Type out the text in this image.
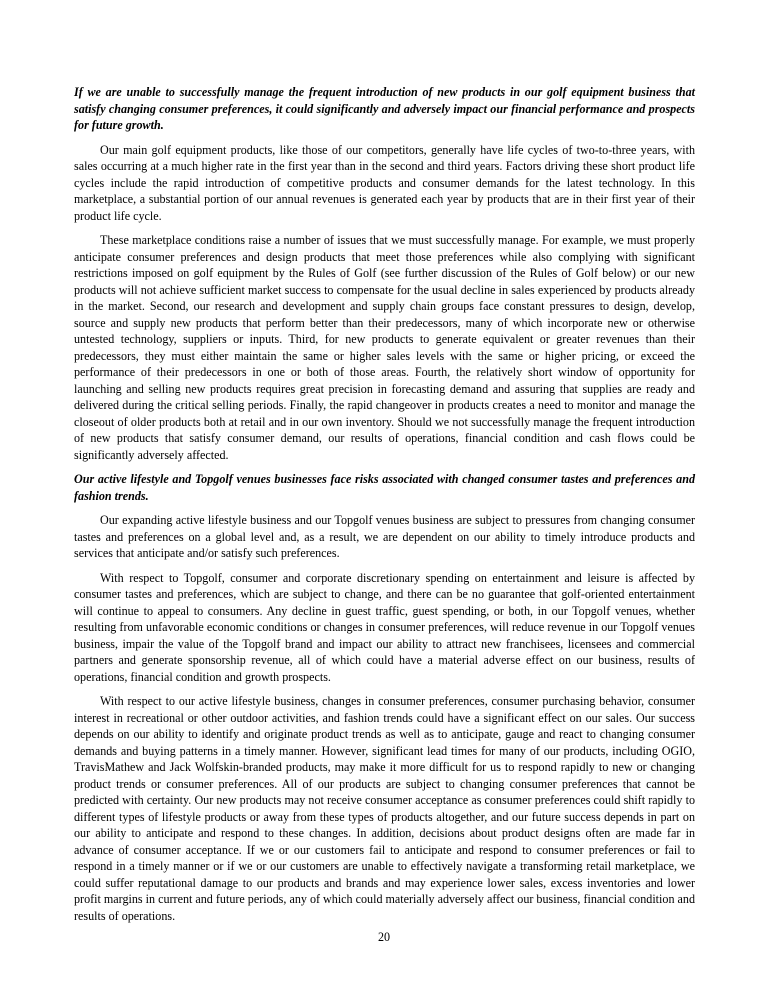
If we are unable to successfully manage the frequent introduction of new products in our golf equipment business that satisfy changing consumer preferences, it could significantly and adversely impact our financial performance and prospects for future growth.

Our main golf equipment products, like those of our competitors, generally have life cycles of two-to-three years, with sales occurring at a much higher rate in the first year than in the second and third years. Factors driving these short product life cycles include the rapid introduction of competitive products and consumer demands for the latest technology. In this marketplace, a substantial portion of our annual revenues is generated each year by products that are in their first year of their product life cycle.

These marketplace conditions raise a number of issues that we must successfully manage. For example, we must properly anticipate consumer preferences and design products that meet those preferences while also complying with significant restrictions imposed on golf equipment by the Rules of Golf (see further discussion of the Rules of Golf below) or our new products will not achieve sufficient market success to compensate for the usual decline in sales experienced by products already in the market. Second, our research and development and supply chain groups face constant pressures to design, develop, source and supply new products that perform better than their predecessors, many of which incorporate new or otherwise untested technology, suppliers or inputs. Third, for new products to generate equivalent or greater revenues than their predecessors, they must either maintain the same or higher sales levels with the same or higher pricing, or exceed the performance of their predecessors in one or both of those areas. Fourth, the relatively short window of opportunity for launching and selling new products requires great precision in forecasting demand and assuring that supplies are ready and delivered during the critical selling periods. Finally, the rapid changeover in products creates a need to monitor and manage the closeout of older products both at retail and in our own inventory. Should we not successfully manage the frequent introduction of new products that satisfy consumer demand, our results of operations, financial condition and cash flows could be significantly adversely affected.

Our active lifestyle and Topgolf venues businesses face risks associated with changed consumer tastes and preferences and fashion trends.

Our expanding active lifestyle business and our Topgolf venues business are subject to pressures from changing consumer tastes and preferences on a global level and, as a result, we are dependent on our ability to timely introduce products and services that anticipate and/or satisfy such preferences.

With respect to Topgolf, consumer and corporate discretionary spending on entertainment and leisure is affected by consumer tastes and preferences, which are subject to change, and there can be no guarantee that golf-oriented entertainment will continue to appeal to consumers. Any decline in guest traffic, guest spending, or both, in our Topgolf venues, whether resulting from unfavorable economic conditions or changes in consumer preferences, will reduce revenue in our Topgolf venues business, impair the value of the Topgolf brand and impact our ability to attract new franchisees, licensees and commercial partners and generate sponsorship revenue, all of which could have a material adverse effect on our business, results of operations, financial condition and growth prospects.

With respect to our active lifestyle business, changes in consumer preferences, consumer purchasing behavior, consumer interest in recreational or other outdoor activities, and fashion trends could have a significant effect on our sales. Our success depends on our ability to identify and originate product trends as well as to anticipate, gauge and react to changing consumer demands and buying patterns in a timely manner. However, significant lead times for many of our products, including OGIO, TravisMathew and Jack Wolfskin-branded products, may make it more difficult for us to respond rapidly to new or changing product trends or consumer preferences. All of our products are subject to changing consumer preferences that cannot be predicted with certainty. Our new products may not receive consumer acceptance as consumer preferences could shift rapidly to different types of lifestyle products or away from these types of products altogether, and our future success depends in part on our ability to anticipate and respond to these changes. In addition, decisions about product designs often are made far in advance of consumer acceptance. If we or our customers fail to anticipate and respond to consumer preferences or fail to respond in a timely manner or if we or our customers are unable to effectively navigate a transforming retail marketplace, we could suffer reputational damage to our products and brands and may experience lower sales, excess inventories and lower profit margins in current and future periods, any of which could materially adversely affect our business, financial condition and results of operations.

20
